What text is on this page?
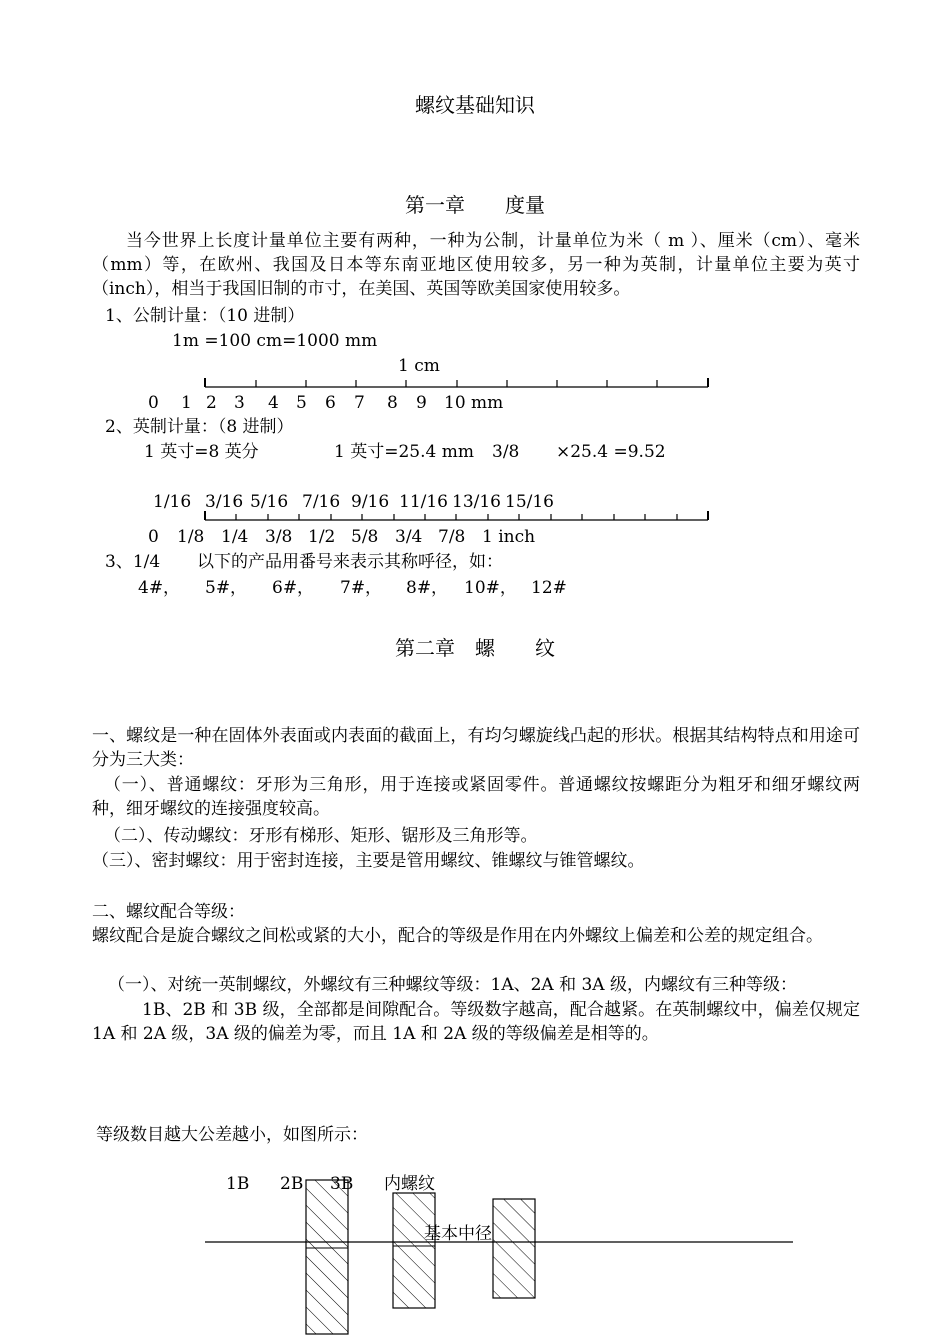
螺纹基础知识
第一章　　度量
当今世界上长度计量单位主要有两种，一种为公制，计量单位为米（ m ）、厘米（cm）、毫米（mm）等，在欧州、我国及日本等东南亚地区使用较多，另一种为英制，计量单位主要为英寸（inch），相当于我国旧制的市寸，在美国、英国等欧美国家使用较多。
1、公制计量：（10 进制）
1m =100 cm=1000 mm
1 cm
0 1 2 3 4 5 6 7 8 9 10 mm
2、英制计量：（8 进制）
1 英寸=8 英分	1 英寸=25.4 mm 3/8 ×25.4 =9.52
1/16 3/16 5/16 7/16 9/16 11/16 13/16 15/16
0 1/8 1/4 3/8 1/2 5/8 3/4 7/8 1 inch
3、1/4 以下的产品用番号来表示其称呼径，如：
4#， 5#， 6#， 7#， 8#， 10#， 12#
第二章　螺　　纹
一、螺纹是一种在固体外表面或内表面的截面上，有均匀螺旋线凸起的形状。根据其结构特点和用途可分为三大类：
（一）、普通螺纹：牙形为三角形，用于连接或紧固零件。普通螺纹按螺距分为粗牙和细牙螺纹两种，细牙螺纹的连接强度较高。
（二）、传动螺纹：牙形有梯形、矩形、锯形及三角形等。
（三）、密封螺纹：用于密封连接，主要是管用螺纹、锥螺纹与锥管螺纹。
二、螺纹配合等级：
螺纹配合是旋合螺纹之间松或紧的大小，配合的等级是作用在内外螺纹上偏差和公差的规定组合。
（一）、对统一英制螺纹，外螺纹有三种螺纹等级：1A、2A 和 3A 级，内螺纹有三种等级：
1B、2B 和 3B 级，全部都是间隙配合。等级数字越高，配合越紧。在英制螺纹中，偏差仅规定 1A 和 2A 级，3A 级的偏差为零，而且 1A 和 2A 级的等级偏差是相等的。
等级数目越大公差越小，如图所示：
1B 2B 3B 内螺纹
基本中径
